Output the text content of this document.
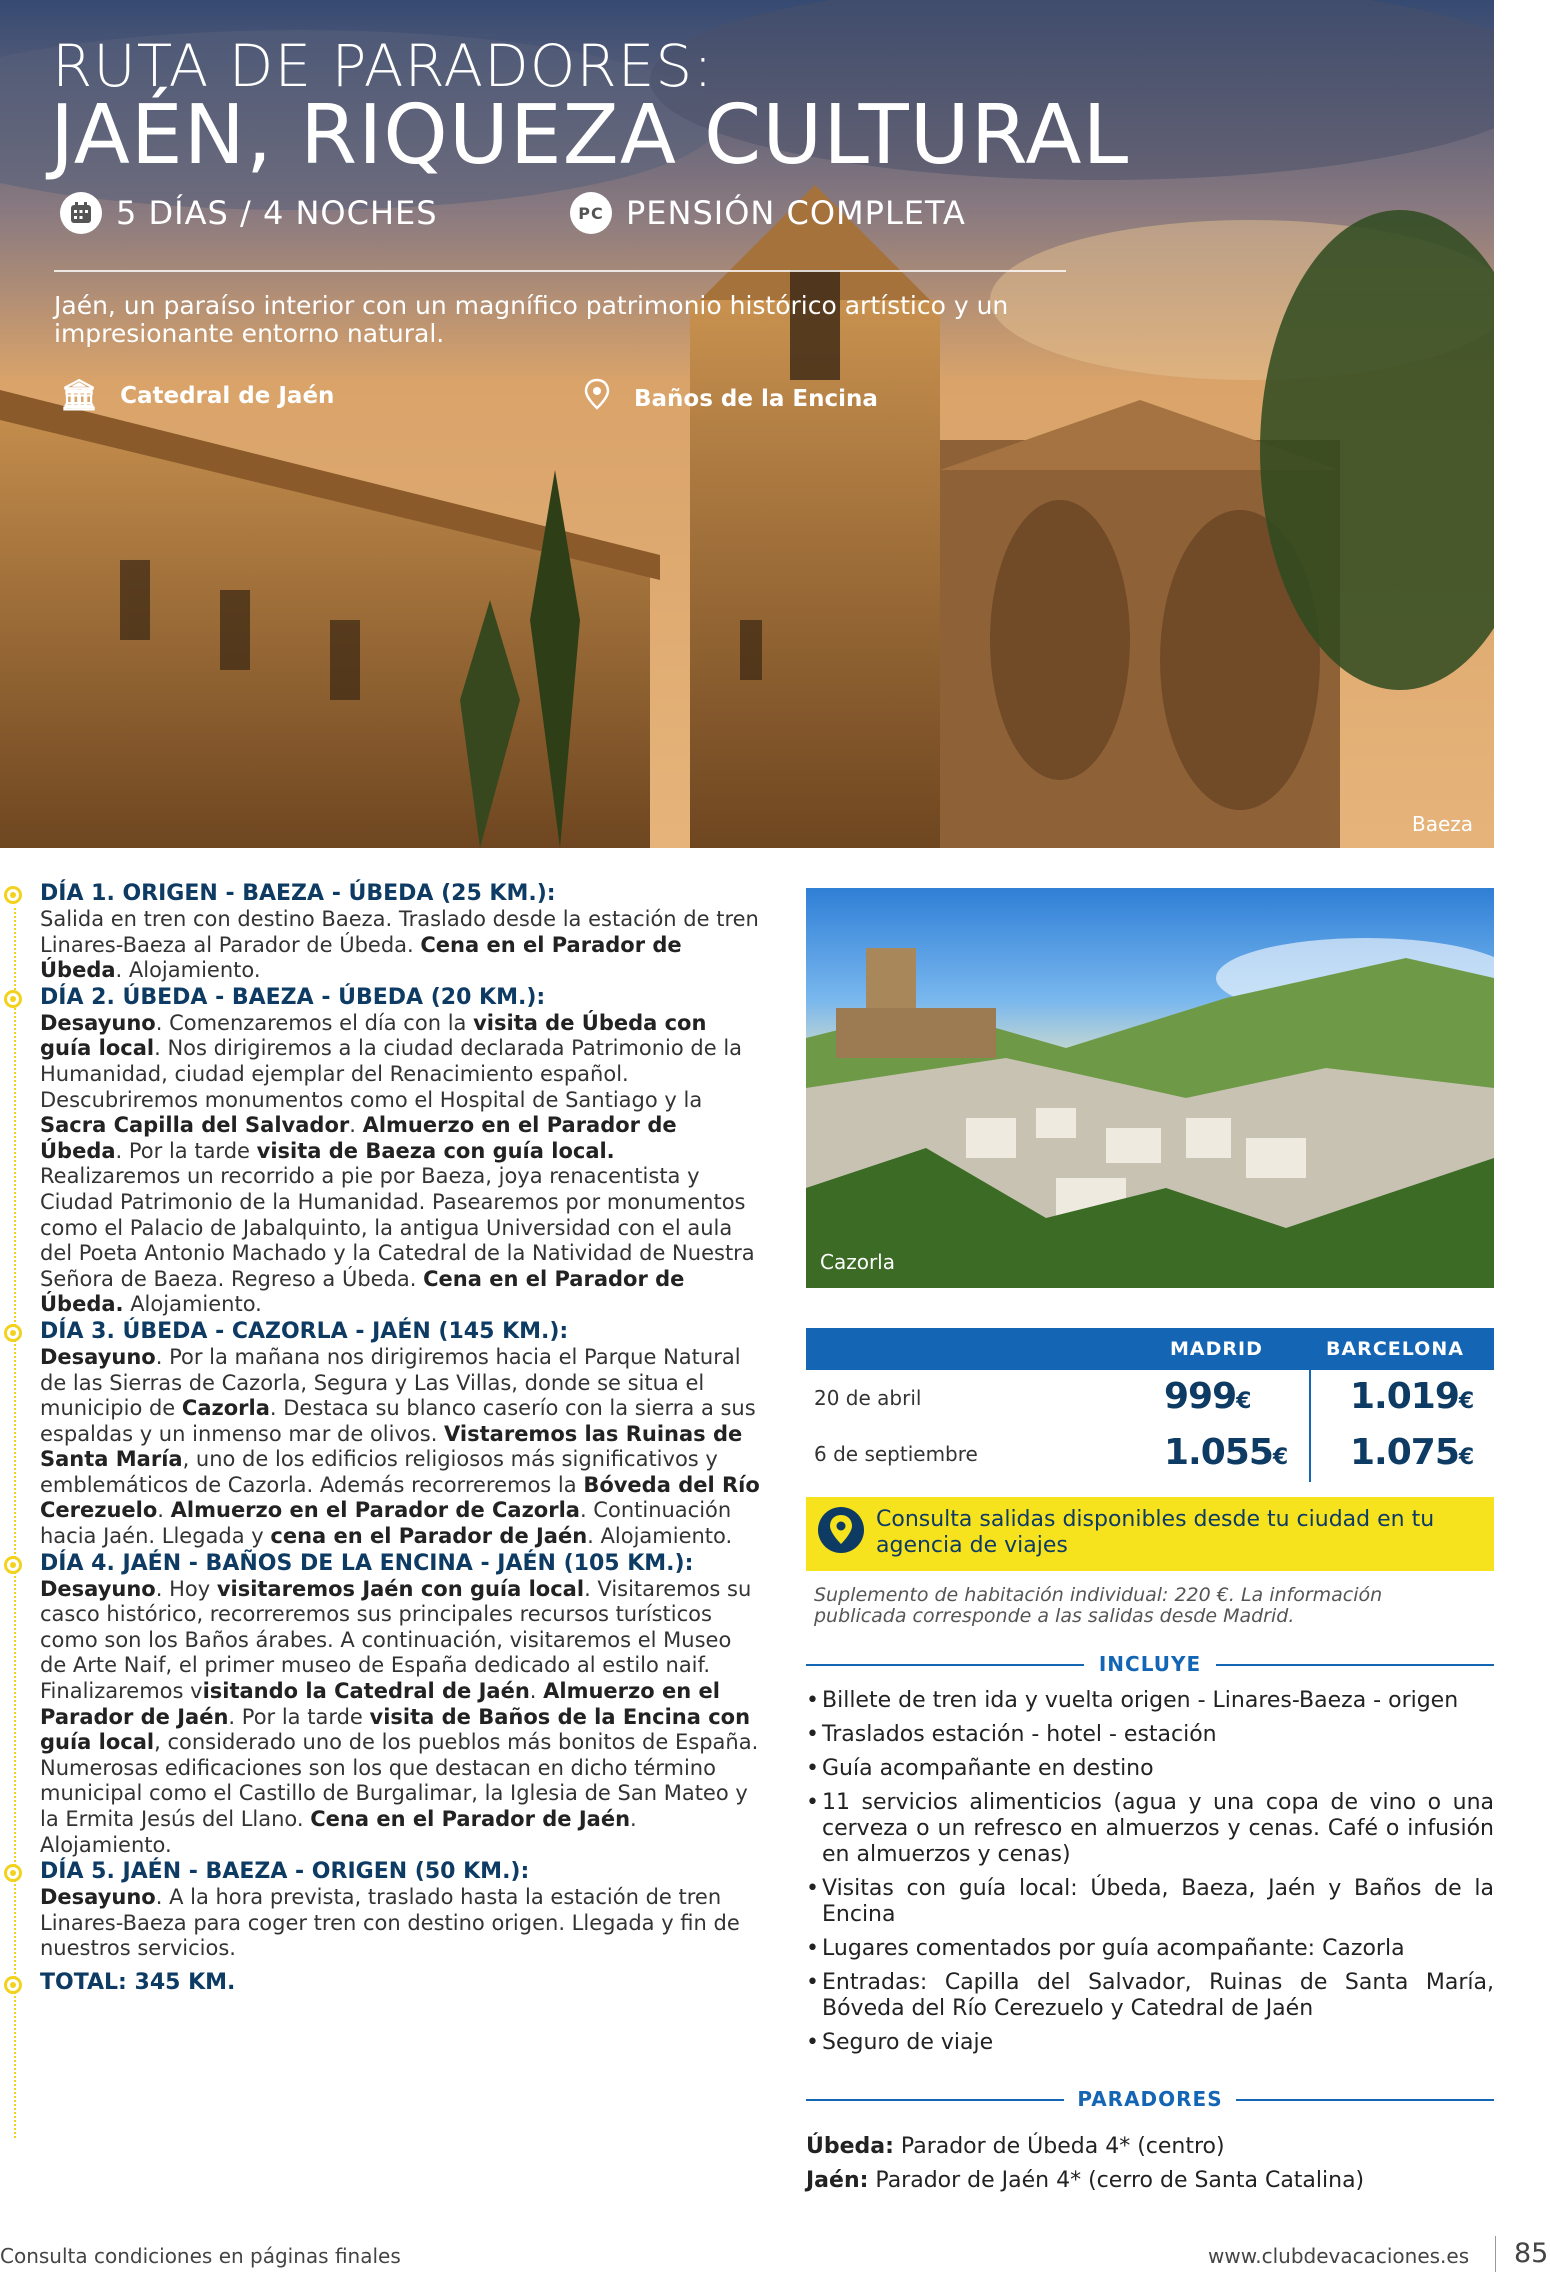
RUTA DE PARADORES:
JAÉN, RIQUEZA CULTURAL
5 DÍAS / 4 NOCHES	PC PENSIÓN COMPLETA
Jaén, un paraíso interior con un magnífico patrimonio histórico artístico y un impresionante entorno natural.
🏛 Catedral de Jaén	Baños de la Encina
Baeza
DÍA 1. ORIGEN - BAEZA - ÚBEDA (25 KM.):
Salida en tren con destino Baeza. Traslado desde la estación de tren Linares-Baeza al Parador de Úbeda. Cena en el Parador de Úbeda. Alojamiento.
DÍA 2. ÚBEDA - BAEZA - ÚBEDA (20 KM.):
Desayuno. Comenzaremos el día con la visita de Úbeda con guía local. Nos dirigiremos a la ciudad declarada Patrimonio de la Humanidad, ciudad ejemplar del Renacimiento español. Descubriremos monumentos como el Hospital de Santiago y la Sacra Capilla del Salvador. Almuerzo en el Parador de Úbeda. Por la tarde visita de Baeza con guía local. Realizaremos un recorrido a pie por Baeza, joya renacentista y Ciudad Patrimonio de la Humanidad. Pasearemos por monumentos como el Palacio de Jabalquinto, la antigua Universidad con el aula del Poeta Antonio Machado y la Catedral de la Natividad de Nuestra Señora de Baeza. Regreso a Úbeda. Cena en el Parador de Úbeda. Alojamiento.
DÍA 3. ÚBEDA - CAZORLA - JAÉN (145 KM.):
Desayuno. Por la mañana nos dirigiremos hacia el Parque Natural de las Sierras de Cazorla, Segura y Las Villas, donde se situa el municipio de Cazorla. Destaca su blanco caserío con la sierra a sus espaldas y un inmenso mar de olivos. Vistaremos las Ruinas de Santa María, uno de los edificios religiosos más significativos y emblemáticos de Cazorla. Además recorreremos la Bóveda del Río Cerezuelo. Almuerzo en el Parador de Cazorla. Continuación hacia Jaén. Llegada y cena en el Parador de Jaén. Alojamiento.
DÍA 4. JAÉN - BAÑOS DE LA ENCINA - JAÉN (105 KM.):
Desayuno. Hoy visitaremos Jaén con guía local. Visitaremos su casco histórico, recorreremos sus principales recursos turísticos como son los Baños árabes. A continuación, visitaremos el Museo de Arte Naif, el primer museo de España dedicado al estilo naif. Finalizaremos visitando la Catedral de Jaén. Almuerzo en el Parador de Jaén. Por la tarde visita de Baños de la Encina con guía local, considerado uno de los pueblos más bonitos de España. Numerosas edificaciones son los que destacan en dicho término municipal como el Castillo de Burgalimar, la Iglesia de San Mateo y la Ermita Jesús del Llano. Cena en el Parador de Jaén. Alojamiento.
DÍA 5. JAÉN - BAEZA - ORIGEN (50 KM.):
Desayuno. A la hora prevista, traslado hasta la estación de tren Linares-Baeza para coger tren con destino origen. Llegada y fin de nuestros servicios.
TOTAL: 345 KM.
Cazorla
MADRID	BARCELONA
20 de abril	999€	1.019€
6 de septiembre	1.055€ 1.075€
Consulta salidas disponibles desde tu ciudad en tu agencia de viajes
Suplemento de habitación individual: 220 €. La información publicada corresponde a las salidas desde Madrid.
INCLUYE
• Billete de tren ida y vuelta origen - Linares-Baeza - origen
• Traslados estación - hotel - estación
• Guía acompañante en destino
• 11 servicios alimenticios (agua y una copa de vino o una cerveza o un refresco en almuerzos y cenas. Café o infusión en almuerzos y cenas)
• Visitas con guía local: Úbeda, Baeza, Jaén y Baños de la Encina
• Lugares comentados por guía acompañante: Cazorla
• Entradas: Capilla del Salvador, Ruinas de Santa María, Bóveda del Río Cerezuelo y Catedral de Jaén
• Seguro de viaje
PARADORES
Úbeda: Parador de Úbeda 4* (centro)
Jaén: Parador de Jaén 4* (cerro de Santa Catalina)
Consulta condiciones en páginas finales	www.clubdevacaciones.es 85
